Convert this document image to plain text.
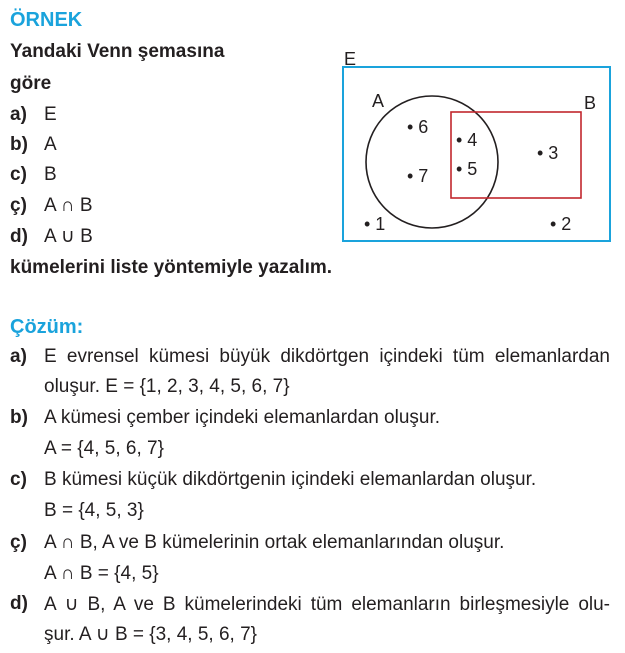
ÖRNEK
Yandaki Venn şemasına
göre
a) E
b) A
c) B
ç) A ∩ B
d) A ∪ B
kümelerini liste yöntemiyle yazalım.
E
A	B
• 6
• 7
• 4
• 5
• 3
• 1	• 2
Çözüm:
a) E evrensel kümesi büyük dikdörtgen içindeki tüm elemanlardan
oluşur. E = {1, 2, 3, 4, 5, 6, 7}
b) A kümesi çember içindeki elemanlardan oluşur.
A = {4, 5, 6, 7}
c) B kümesi küçük dikdörtgenin içindeki elemanlardan oluşur.
B = {4, 5, 3}
ç) A ∩ B, A ve B kümelerinin ortak elemanlarından oluşur.
A ∩ B = {4, 5}
d) A ∪ B, A ve B kümelerindeki tüm elemanların birleşmesiyle olu-
şur. A ∪ B = {3, 4, 5, 6, 7}
